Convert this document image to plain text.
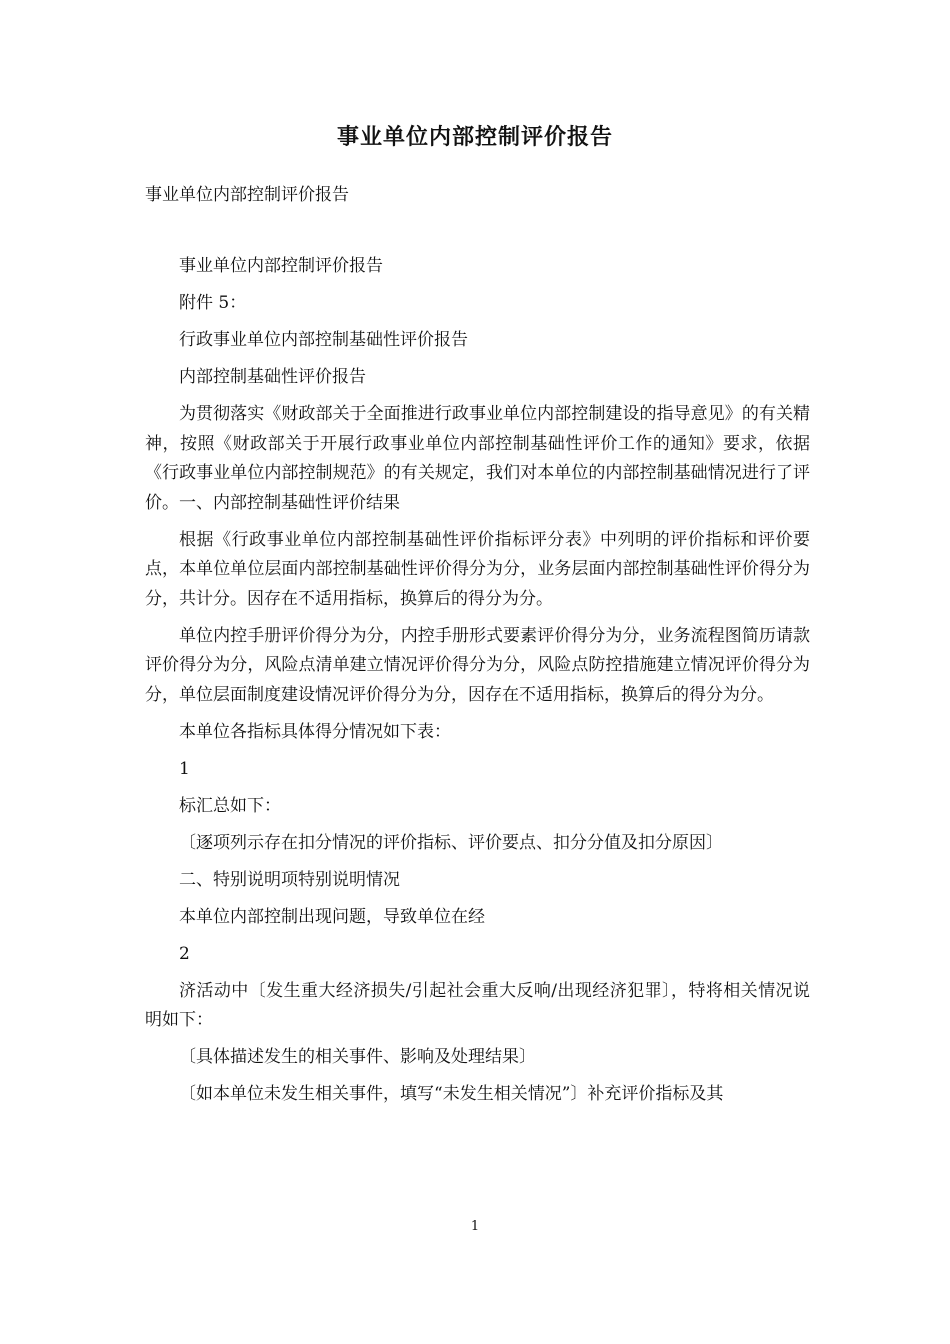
事业单位内部控制评价报告
事业单位内部控制评价报告

事业单位内部控制评价报告

附件 5：

行政事业单位内部控制基础性评价报告

内部控制基础性评价报告

为贯彻落实《财政部关于全面推进行政事业单位内部控制建设的指导意见》的有关精神，按照《财政部关于开展行政事业单位内部控制基础性评价工作的通知》要求，依据《行政事业单位内部控制规范》的有关规定，我们对本单位的内部控制基础情况进行了评价。一、内部控制基础性评价结果

根据《行政事业单位内部控制基础性评价指标评分表》中列明的评价指标和评价要点，本单位单位层面内部控制基础性评价得分为分，业务层面内部控制基础性评价得分为分，共计分。因存在不适用指标，换算后的得分为分。

单位内控手册评价得分为分，内控手册形式要素评价得分为分，业务流程图简历请款评价得分为分，风险点清单建立情况评价得分为分，风险点防控措施建立情况评价得分为分，单位层面制度建设情况评价得分为分，因存在不适用指标，换算后的得分为分。

本单位各指标具体得分情况如下表：

1

标汇总如下：

〔逐项列示存在扣分情况的评价指标、评价要点、扣分分值及扣分原因〕

二、特别说明项特别说明情况

本单位内部控制出现问题，导致单位在经

2

济活动中〔发生重大经济损失/引起社会重大反响/出现经济犯罪〕，特将相关情况说明如下：

〔具体描述发生的相关事件、影响及处理结果〕

〔如本单位未发生相关事件，填写“未发生相关情况”〕补充评价指标及其

1
